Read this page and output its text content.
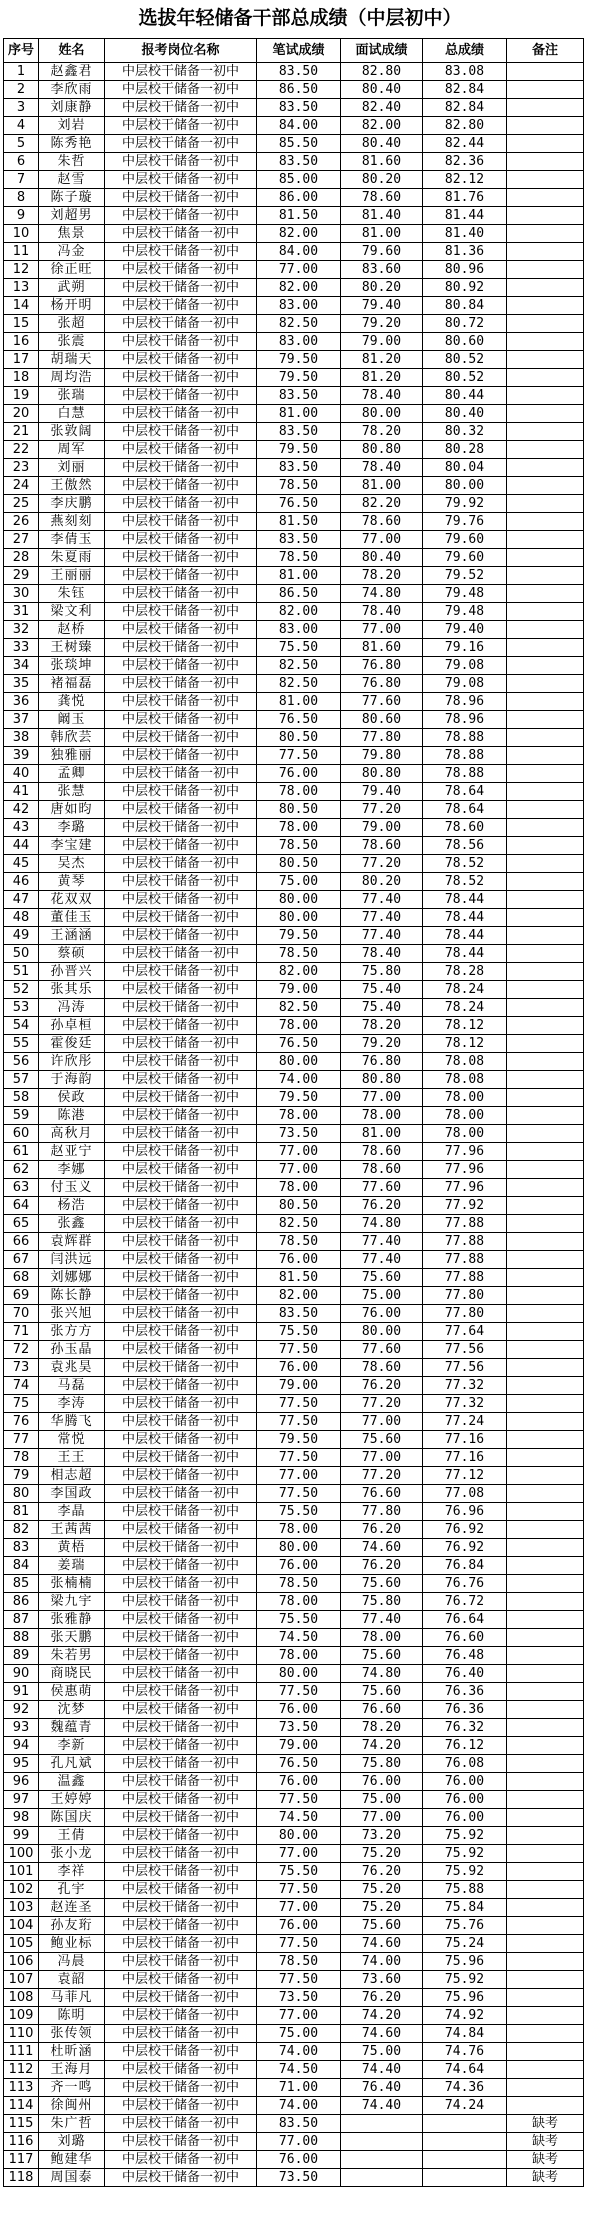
选拔年轻储备干部总成绩（中层初中）
序号	姓名	报考岗位名称	笔试成绩	面试成绩	总成绩	备注
1	赵鑫君	中层校干储备一初中	83.50	82.80	83.08	
2	李欣雨	中层校干储备一初中	86.50	80.40	82.84	
3	刘康静	中层校干储备一初中	83.50	82.40	82.84	
4	刘岩	中层校干储备一初中	84.00	82.00	82.80	
5	陈秀艳	中层校干储备一初中	85.50	80.40	82.44	
6	朱哲	中层校干储备一初中	83.50	81.60	82.36	
7	赵雪	中层校干储备一初中	85.00	80.20	82.12	
8	陈子璇	中层校干储备一初中	86.00	78.60	81.76	
9	刘超男	中层校干储备一初中	81.50	81.40	81.44	
10	焦景	中层校干储备一初中	82.00	81.00	81.40	
11	冯金	中层校干储备一初中	84.00	79.60	81.36	
12	徐正旺	中层校干储备一初中	77.00	83.60	80.96	
13	武朔	中层校干储备一初中	82.00	80.20	80.92	
14	杨开明	中层校干储备一初中	83.00	79.40	80.84	
15	张超	中层校干储备一初中	82.50	79.20	80.72	
16	张震	中层校干储备一初中	83.00	79.00	80.60	
17	胡瑞天	中层校干储备一初中	79.50	81.20	80.52	
18	周均浩	中层校干储备一初中	79.50	81.20	80.52	
19	张瑞	中层校干储备一初中	83.50	78.40	80.44	
20	白慧	中层校干储备一初中	81.00	80.00	80.40	
21	张敦阔	中层校干储备一初中	83.50	78.20	80.32	
22	周军	中层校干储备一初中	79.50	80.80	80.28	
23	刘丽	中层校干储备一初中	83.50	78.40	80.04	
24	王傲然	中层校干储备一初中	78.50	81.00	80.00	
25	李庆鹏	中层校干储备一初中	76.50	82.20	79.92	
26	燕刻刻	中层校干储备一初中	81.50	78.60	79.76	
27	李倩玉	中层校干储备一初中	83.50	77.00	79.60	
28	朱夏雨	中层校干储备一初中	78.50	80.40	79.60	
29	王丽丽	中层校干储备一初中	81.00	78.20	79.52	
30	朱钰	中层校干储备一初中	86.50	74.80	79.48	
31	梁文利	中层校干储备一初中	82.00	78.40	79.48	
32	赵桥	中层校干储备一初中	83.00	77.00	79.40	
33	王树臻	中层校干储备一初中	75.50	81.60	79.16	
34	张琰坤	中层校干储备一初中	82.50	76.80	79.08	
35	褚福磊	中层校干储备一初中	82.50	76.80	79.08	
36	龚悦	中层校干储备一初中	81.00	77.60	78.96	
37	阚玉	中层校干储备一初中	76.50	80.60	78.96	
38	韩欣芸	中层校干储备一初中	80.50	77.80	78.88	
39	独雅丽	中层校干储备一初中	77.50	79.80	78.88	
40	孟卿	中层校干储备一初中	76.00	80.80	78.88	
41	张慧	中层校干储备一初中	78.00	79.40	78.64	
42	唐如昀	中层校干储备一初中	80.50	77.20	78.64	
43	李璐	中层校干储备一初中	78.00	79.00	78.60	
44	李宝建	中层校干储备一初中	78.50	78.60	78.56	
45	吴杰	中层校干储备一初中	80.50	77.20	78.52	
46	黄琴	中层校干储备一初中	75.00	80.20	78.52	
47	花双双	中层校干储备一初中	80.00	77.40	78.44	
48	董佳玉	中层校干储备一初中	80.00	77.40	78.44	
49	王涵涵	中层校干储备一初中	79.50	77.40	78.44	
50	蔡硕	中层校干储备一初中	78.50	78.40	78.44	
51	孙晋兴	中层校干储备一初中	82.00	75.80	78.28	
52	张其乐	中层校干储备一初中	79.00	75.40	78.24	
53	冯涛	中层校干储备一初中	82.50	75.40	78.24	
54	孙卓桓	中层校干储备一初中	78.00	78.20	78.12	
55	霍俊廷	中层校干储备一初中	76.50	79.20	78.12	
56	许欣彤	中层校干储备一初中	80.00	76.80	78.08	
57	于海韵	中层校干储备一初中	74.00	80.80	78.08	
58	侯政	中层校干储备一初中	79.50	77.00	78.00	
59	陈港	中层校干储备一初中	78.00	78.00	78.00	
60	高秋月	中层校干储备一初中	73.50	81.00	78.00	
61	赵亚宁	中层校干储备一初中	77.00	78.60	77.96	
62	李娜	中层校干储备一初中	77.00	78.60	77.96	
63	付玉义	中层校干储备一初中	78.00	77.60	77.96	
64	杨浩	中层校干储备一初中	80.50	76.20	77.92	
65	张鑫	中层校干储备一初中	82.50	74.80	77.88	
66	袁辉群	中层校干储备一初中	78.50	77.40	77.88	
67	闫洪远	中层校干储备一初中	76.00	77.40	77.88	
68	刘娜娜	中层校干储备一初中	81.50	75.60	77.88	
69	陈长静	中层校干储备一初中	82.00	75.00	77.80	
70	张兴旭	中层校干储备一初中	83.50	76.00	77.80	
71	张方方	中层校干储备一初中	75.50	80.00	77.64	
72	孙玉晶	中层校干储备一初中	77.50	77.60	77.56	
73	袁兆昊	中层校干储备一初中	76.00	78.60	77.56	
74	马磊	中层校干储备一初中	79.00	76.20	77.32	
75	李涛	中层校干储备一初中	77.50	77.20	77.32	
76	华腾飞	中层校干储备一初中	77.50	77.00	77.24	
77	常悦	中层校干储备一初中	79.50	75.60	77.16	
78	王王	中层校干储备一初中	77.50	77.00	77.16	
79	相志超	中层校干储备一初中	77.00	77.20	77.12	
80	李国政	中层校干储备一初中	77.50	76.60	77.08	
81	李晶	中层校干储备一初中	75.50	77.80	76.96	
82	王茜茜	中层校干储备一初中	78.00	76.20	76.92	
83	黄梧	中层校干储备一初中	80.00	74.60	76.92	
84	姜瑞	中层校干储备一初中	76.00	76.20	76.84	
85	张楠楠	中层校干储备一初中	78.50	75.60	76.76	
86	梁九宇	中层校干储备一初中	78.00	75.80	76.72	
87	张雅静	中层校干储备一初中	75.50	77.40	76.64	
88	张天鹏	中层校干储备一初中	74.50	78.00	76.60	
89	朱若男	中层校干储备一初中	78.00	75.60	76.48	
90	商晓民	中层校干储备一初中	80.00	74.80	76.40	
91	侯惠萌	中层校干储备一初中	77.50	75.60	76.36	
92	沈梦	中层校干储备一初中	76.00	76.60	76.36	
93	魏蕴青	中层校干储备一初中	73.50	78.20	76.32	
94	李新	中层校干储备一初中	79.00	74.20	76.12	
95	孔凡斌	中层校干储备一初中	76.50	75.80	76.08	
96	温鑫	中层校干储备一初中	76.00	76.00	76.00	
97	王婷婷	中层校干储备一初中	77.50	75.00	76.00	
98	陈国庆	中层校干储备一初中	74.50	77.00	76.00	
99	王倩	中层校干储备一初中	80.00	73.20	75.92	
100	张小龙	中层校干储备一初中	77.00	75.20	75.92	
101	李祥	中层校干储备一初中	75.50	76.20	75.92	
102	孔宇	中层校干储备一初中	77.50	75.20	75.88	
103	赵连圣	中层校干储备一初中	77.00	75.20	75.84	
104	孙友珩	中层校干储备一初中	76.00	75.60	75.76	
105	鲍业标	中层校干储备一初中	77.50	74.60	75.24	
106	冯晨	中层校干储备一初中	78.50	74.00	75.96	
107	袁韶	中层校干储备一初中	77.50	73.60	75.92	
108	马菲凡	中层校干储备一初中	73.50	76.20	75.96	
109	陈明	中层校干储备一初中	77.00	74.20	74.92	
110	张传领	中层校干储备一初中	75.00	74.60	74.84	
111	杜昕涵	中层校干储备一初中	74.00	75.00	74.76	
112	王海月	中层校干储备一初中	74.50	74.40	74.64	
113	齐一鸣	中层校干储备一初中	71.00	76.40	74.36	
114	徐闽州	中层校干储备一初中	74.00	74.40	74.24	
115	朱广哲	中层校干储备一初中	83.50			缺考
116	刘璐	中层校干储备一初中	77.00			缺考
117	鲍建华	中层校干储备一初中	76.00			缺考
118	周国泰	中层校干储备一初中	73.50			缺考
